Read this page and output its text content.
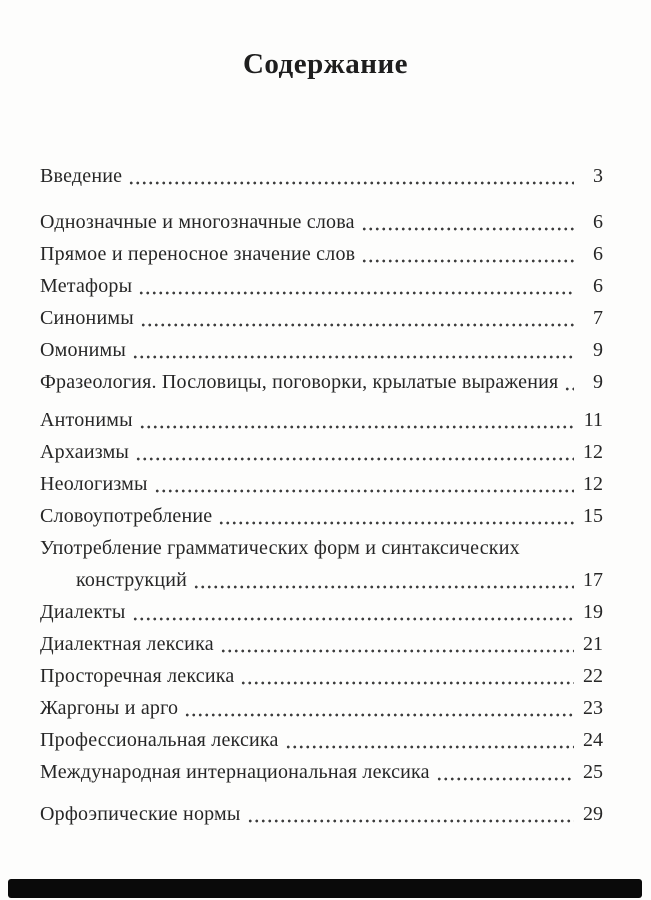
Содержание
Введение	3
Однозначные и многозначные слова	6
Прямое и переносное значение слов	6
Метафоры	6
Синонимы	7
Омонимы	9
Фразеология. Пословицы, поговорки, крылатые выражения	9
Антонимы	11
Архаизмы	12
Неологизмы	12
Словоупотребление	15
Употребление грамматических форм и синтаксических
конструкций	17
Диалекты	19
Диалектная лексика	21
Просторечная лексика	22
Жаргоны и арго	23
Профессиональная лексика	24
Международная интернациональная лексика	25
Орфоэпические нормы	29
